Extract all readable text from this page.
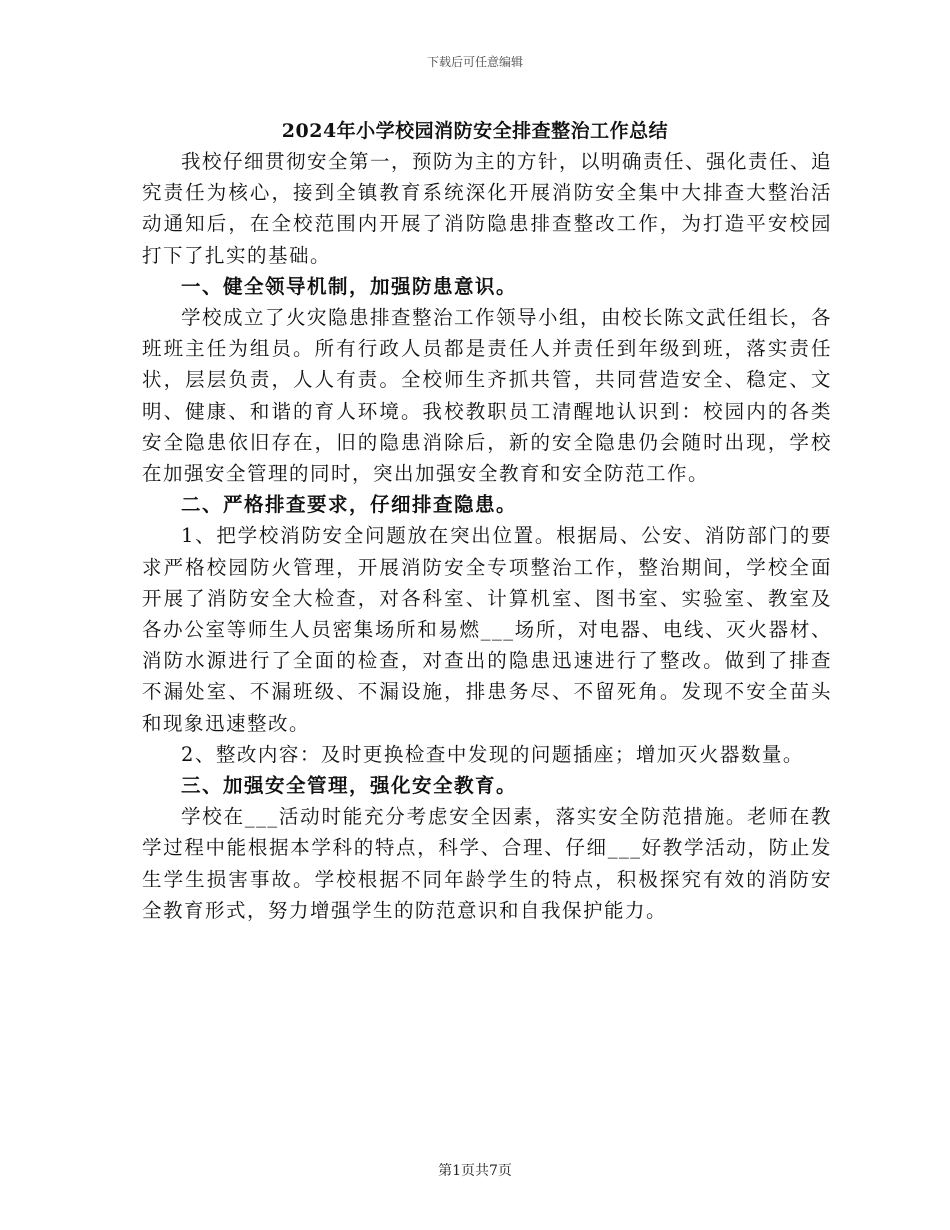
下载后可任意编辑
2024年小学校园消防安全排查整治工作总结

我校仔细贯彻安全第一，预防为主的方针，以明确责任、强化责任、追究责任为核心，接到全镇教育系统深化开展消防安全集中大排查大整治活动通知后，在全校范围内开展了消防隐患排查整改工作，为打造平安校园打下了扎实的基础。

一、健全领导机制，加强防患意识。

学校成立了火灾隐患排查整治工作领导小组，由校长陈文武任组长，各班班主任为组员。所有行政人员都是责任人并责任到年级到班，落实责任状，层层负责，人人有责。全校师生齐抓共管，共同营造安全、稳定、文明、健康、和谐的育人环境。我校教职员工清醒地认识到：校园内的各类安全隐患依旧存在，旧的隐患消除后，新的安全隐患仍会随时出现，学校在加强安全管理的同时，突出加强安全教育和安全防范工作。

二、严格排查要求，仔细排查隐患。

1、把学校消防安全问题放在突出位置。根据局、公安、消防部门的要求严格校园防火管理，开展消防安全专项整治工作，整治期间，学校全面开展了消防安全大检查，对各科室、计算机室、图书室、实验室、教室及各办公室等师生人员密集场所和易燃___场所，对电器、电线、灭火器材、消防水源进行了全面的检查，对查出的隐患迅速进行了整改。做到了排查不漏处室、不漏班级、不漏设施，排患务尽、不留死角。发现不安全苗头和现象迅速整改。

2、整改内容：及时更换检查中发现的问题插座；增加灭火器数量。

三、加强安全管理，强化安全教育。

学校在___活动时能充分考虑安全因素，落实安全防范措施。老师在教学过程中能根据本学科的特点，科学、合理、仔细___好教学活动，防止发生学生损害事故。学校根据不同年龄学生的特点，积极探究有效的消防安全教育形式，努力增强学生的防范意识和自我保护能力。

第1页共7页
